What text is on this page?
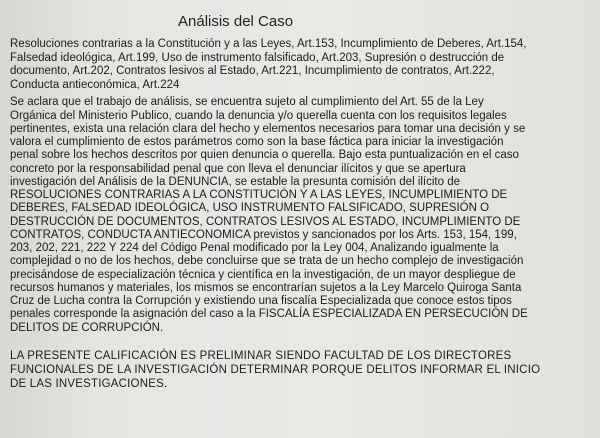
Análisis del Caso
Resoluciones contrarias a la Constitución y a las Leyes, Art.153, Incumplimiento de Deberes, Art.154,
Falsedad ideológica, Art.199, Uso de instrumento falsificado, Art.203, Supresión o destrucción de
documento, Art.202, Contratos lesivos al Estado, Art.221, Incumplimiento de contratos, Art.222,
Conducta antieconómica, Art.224
Se aclara que el trabajo de análisis, se encuentra sujeto al cumplimiento del Art. 55 de la Ley
Orgánica del Ministerio Publico, cuando la denuncia y/o querella cuenta con los requisitos legales
pertinentes, exista una relación clara del hecho y elementos necesarios para tomar una decisión y se
valora el cumplimiento de estos parámetros como son la base fáctica para iniciar la investigación
penal sobre los hechos descritos por quien denuncia o querella. Bajo esta puntualización en el caso
concreto por la responsabilidad penal que con lleva el denunciar ilícitos y que se apertura
investigación del Análisis de la DENUNCIA, se estable la presunta comisión del ilícito de
RESOLUCIONES CONTRARIAS A LA CONSTITUCIÓN Y A LAS LEYES, INCUMPLIMIENTO DE
DEBERES, FALSEDAD IDEOLÓGICA, USO INSTRUMENTO FALSIFICADO, SUPRESIÓN O
DESTRUCCIÓN DE DOCUMENTOS, CONTRATOS LESIVOS AL ESTADO, INCUMPLIMIENTO DE
CONTRATOS, CONDUCTA ANTIECONOMICA previstos y sancionados por los Arts. 153, 154, 199,
203, 202, 221, 222 Y 224 del Código Penal modificado por la Ley 004, Analizando igualmente la
complejidad o no de los hechos, debe concluirse que se trata de un hecho complejo de investigación
precisándose de especialización técnica y científica en la investigación, de un mayor despliegue de
recursos humanos y materiales, los mismos se encontrarían sujetos a la Ley Marcelo Quiroga Santa
Cruz de Lucha contra la Corrupción y existiendo una fiscalía Especializada que conoce estos tipos
penales corresponde la asignación del caso a la FISCALÍA ESPECIALIZADA EN PERSECUCIÓN DE
DELITOS DE CORRUPCIÓN.
LA PRESENTE CALIFICACIÓN ES PRELIMINAR SIENDO FACULTAD DE LOS DIRECTORES
FUNCIONALES DE LA INVESTIGACIÓN DETERMINAR PORQUE DELITOS INFORMAR EL INICIO
DE LAS INVESTIGACIONES.
